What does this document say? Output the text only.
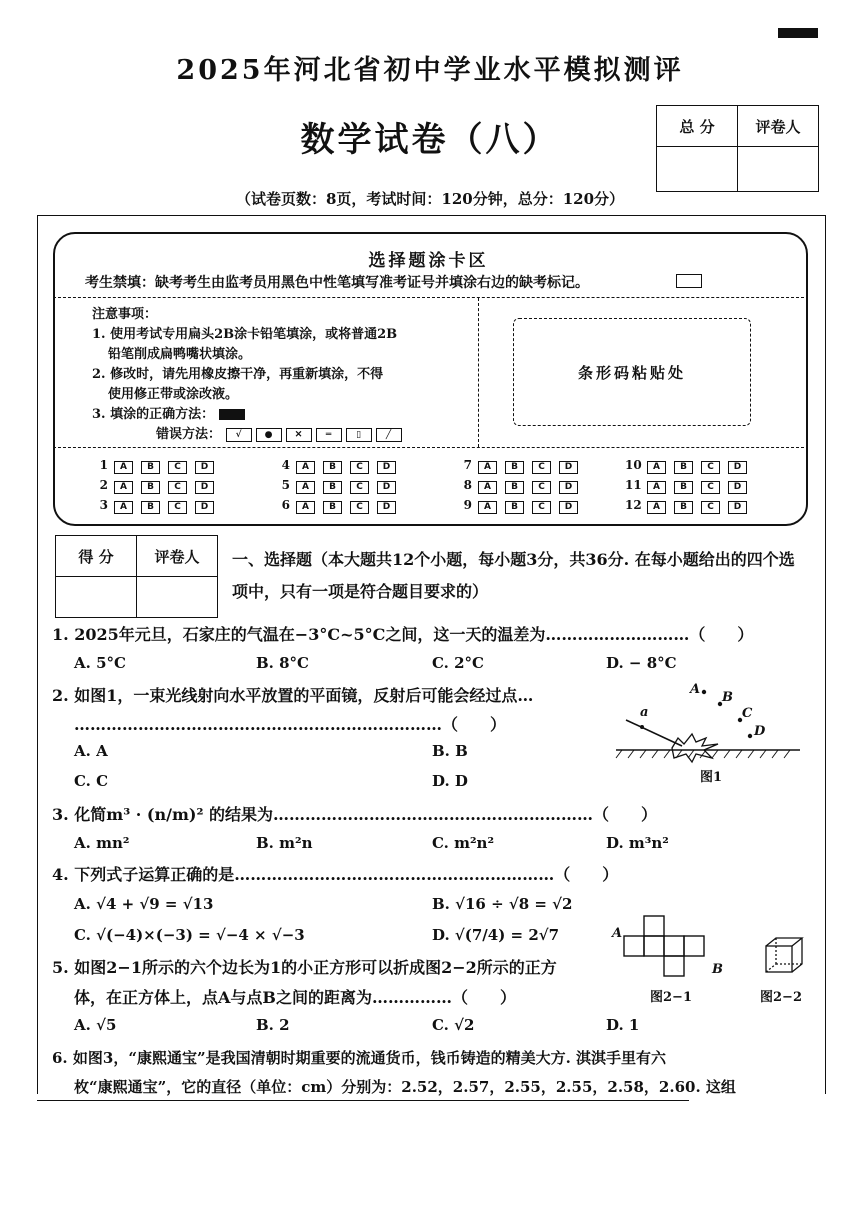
2025年河北省初中学业水平模拟测评
数学试卷（八）
（试卷页数：8页，考试时间：120分钟，总分：120分）
总 分	评卷人

选择题涂卡区
考生禁填：缺考考生由监考员用黑色中性笔填写准考证号并填涂右边的缺考标记。
注意事项：
1. 使用考试专用扁头2B涂卡铅笔填涂，或将普通2B

铅笔削成扁鸭嘴状填涂。
2. 修改时，请先用橡皮擦干净，再重新填涂，不得

使用修正带或涂改液。
3. 填涂的正确方法：
错误方法： √	● ✕	═	▯	╱
条形码粘贴处
1 A B C D
2 A B C D
3 A B C D
4 A B C D
5 A B C D
6 A B C D
7 A B C D
8 A B C D
9 A B C D
10 A B C D
11 A B C D
12 A B C D
得 分	评卷人
	一、选择题（本大题共12个小题，每小题3分，共36分. 在每小题给出的四个选项中，只有一项是符合题目要求的）
1. 2025年元旦，石家庄的气温在−3°C~5°C之间，这一天的温差为………………………（　　）
A. 5°C	B. 8°C	C. 2°C	D. − 8°C
2. 如图1，一束光线射向水平放置的平面镜，反射后可能会经过点…
……………………………………………………………（　　）
A. A	B. B
C. C	D. D
A
B
C
D
a
图1
3. 化简m³ · (n/m)² 的结果为……………………………………………………（　　）
A. mn²	B. m²n	C. m²n²	D. m³n²
4. 下列式子运算正确的是……………………………………………………（　　）
A. √4 + √9 = √13	B. √16 ÷ √8 = √2
C. √(−4)×(−3) = √−4 × √−3	D. √(7/4) = 2√7	A
B
图2−1	图2−2
5. 如图2−1所示的六个边长为1的小正方形可以折成图2−2所示的正方
体，在正方体上，点A与点B之间的距离为……………（　　）
A. √5	B. 2	C. √2	D. 1
6. 如图3，“康熙通宝”是我国清朝时期重要的流通货币，钱币铸造的精美大方. 淇淇手里有六
枚“康熙通宝”，它的直径（单位：cm）分别为：2.52，2.57，2.55，2.55，2.58，2.60. 这组
